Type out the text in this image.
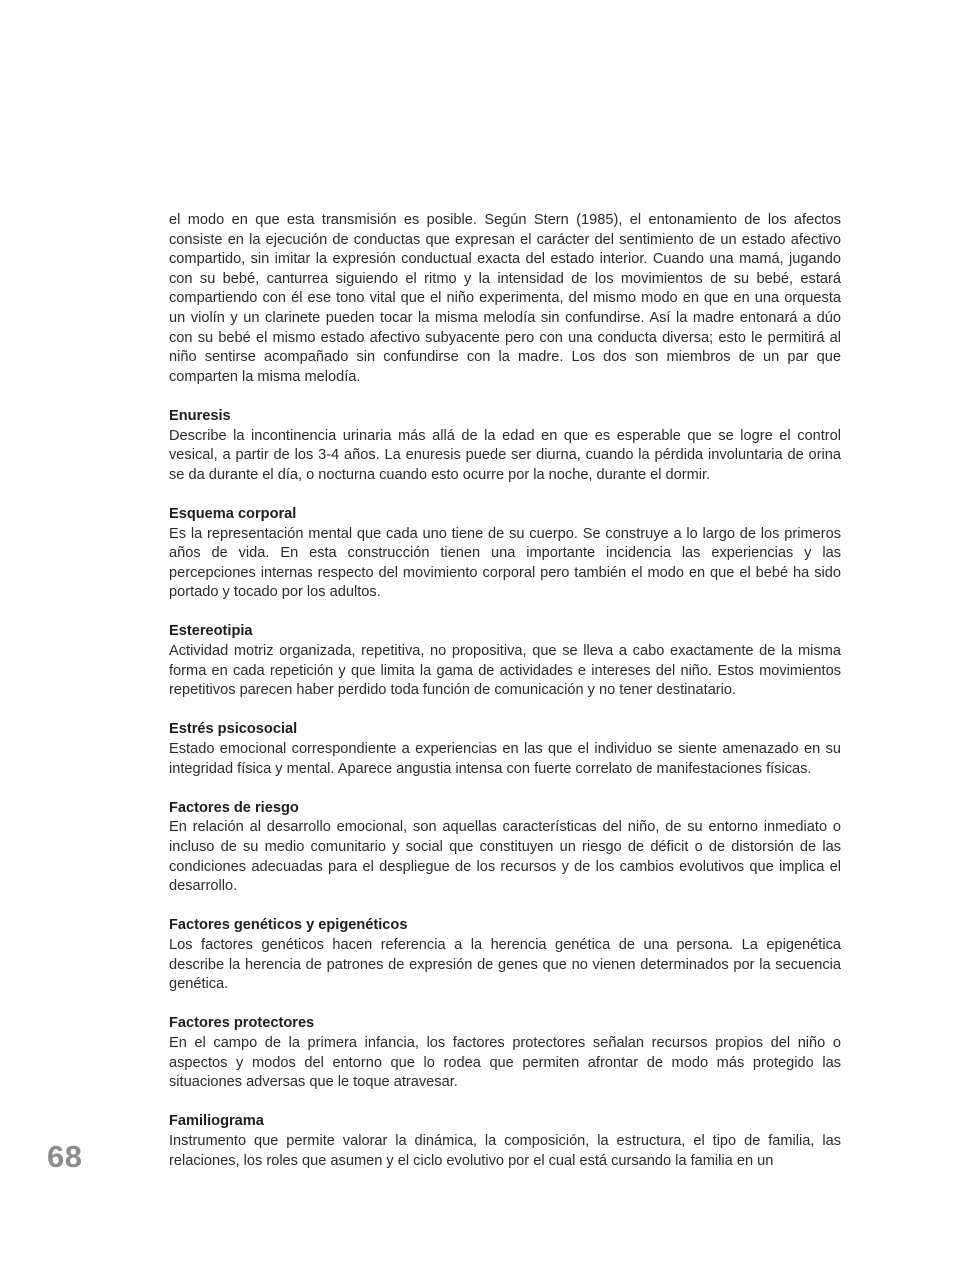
el modo en que esta transmisión es posible. Según Stern (1985), el entonamiento de los afectos consiste en la ejecución de conductas que expresan el carácter del sentimiento de un estado afectivo compartido, sin imitar la expresión conductual exacta del estado interior. Cuando una mamá, jugando con su bebé, canturrea siguiendo el ritmo y la intensidad de los movimientos de su bebé, estará compartiendo con él ese tono vital que el niño experimenta, del mismo modo en que en una orquesta un violín y un clarinete pueden tocar la misma melodía sin confundirse. Así la madre entonará a dúo con su bebé el mismo estado afectivo subyacente pero con una conducta diversa; esto le permitirá al niño sentirse acompañado sin confundirse con la madre. Los dos son miembros de un par que comparten la misma melodía.

Enuresis

Describe la incontinencia urinaria más allá de la edad en que es esperable que se logre el control vesical, a partir de los 3-4 años. La enuresis puede ser diurna, cuando la pérdida involuntaria de orina se da durante el día, o nocturna cuando esto ocurre por la noche, durante el dormir.

Esquema corporal

Es la representación mental que cada uno tiene de su cuerpo. Se construye a lo largo de los primeros años de vida. En esta construcción tienen una importante incidencia las experiencias y las percepciones internas respecto del movimiento corporal pero también el modo en que el bebé ha sido portado y tocado por los adultos.

Estereotipia

Actividad motriz organizada, repetitiva, no propositiva, que se lleva a cabo exactamente de la misma forma en cada repetición y que limita la gama de actividades e intereses del niño. Estos movimientos repetitivos parecen haber perdido toda función de comunicación y no tener destinatario.

Estrés psicosocial

Estado emocional correspondiente a experiencias en las que el individuo se siente amenazado en su integridad física y mental. Aparece angustia intensa con fuerte correlato de manifestaciones físicas.

Factores de riesgo

En relación al desarrollo emocional, son aquellas características del niño, de su entorno inmediato o incluso de su medio comunitario y social que constituyen un riesgo de déficit o de distorsión de las condiciones adecuadas para el despliegue de los recursos y de los cambios evolutivos que implica el desarrollo.

Factores genéticos y epigenéticos

Los factores genéticos hacen referencia a la herencia genética de una persona. La epigenética describe la herencia de patrones de expresión de genes que no vienen determinados por la secuencia genética.

Factores protectores

En el campo de la primera infancia, los factores protectores señalan recursos propios del niño o aspectos y modos del entorno que lo rodea que permiten afrontar de modo más protegido las situaciones adversas que le toque atravesar.

Familiograma

Instrumento que permite valorar la dinámica, la composición, la estructura, el tipo de familia, las relaciones, los roles que asumen y el ciclo evolutivo por el cual está cursando la familia en un

68
